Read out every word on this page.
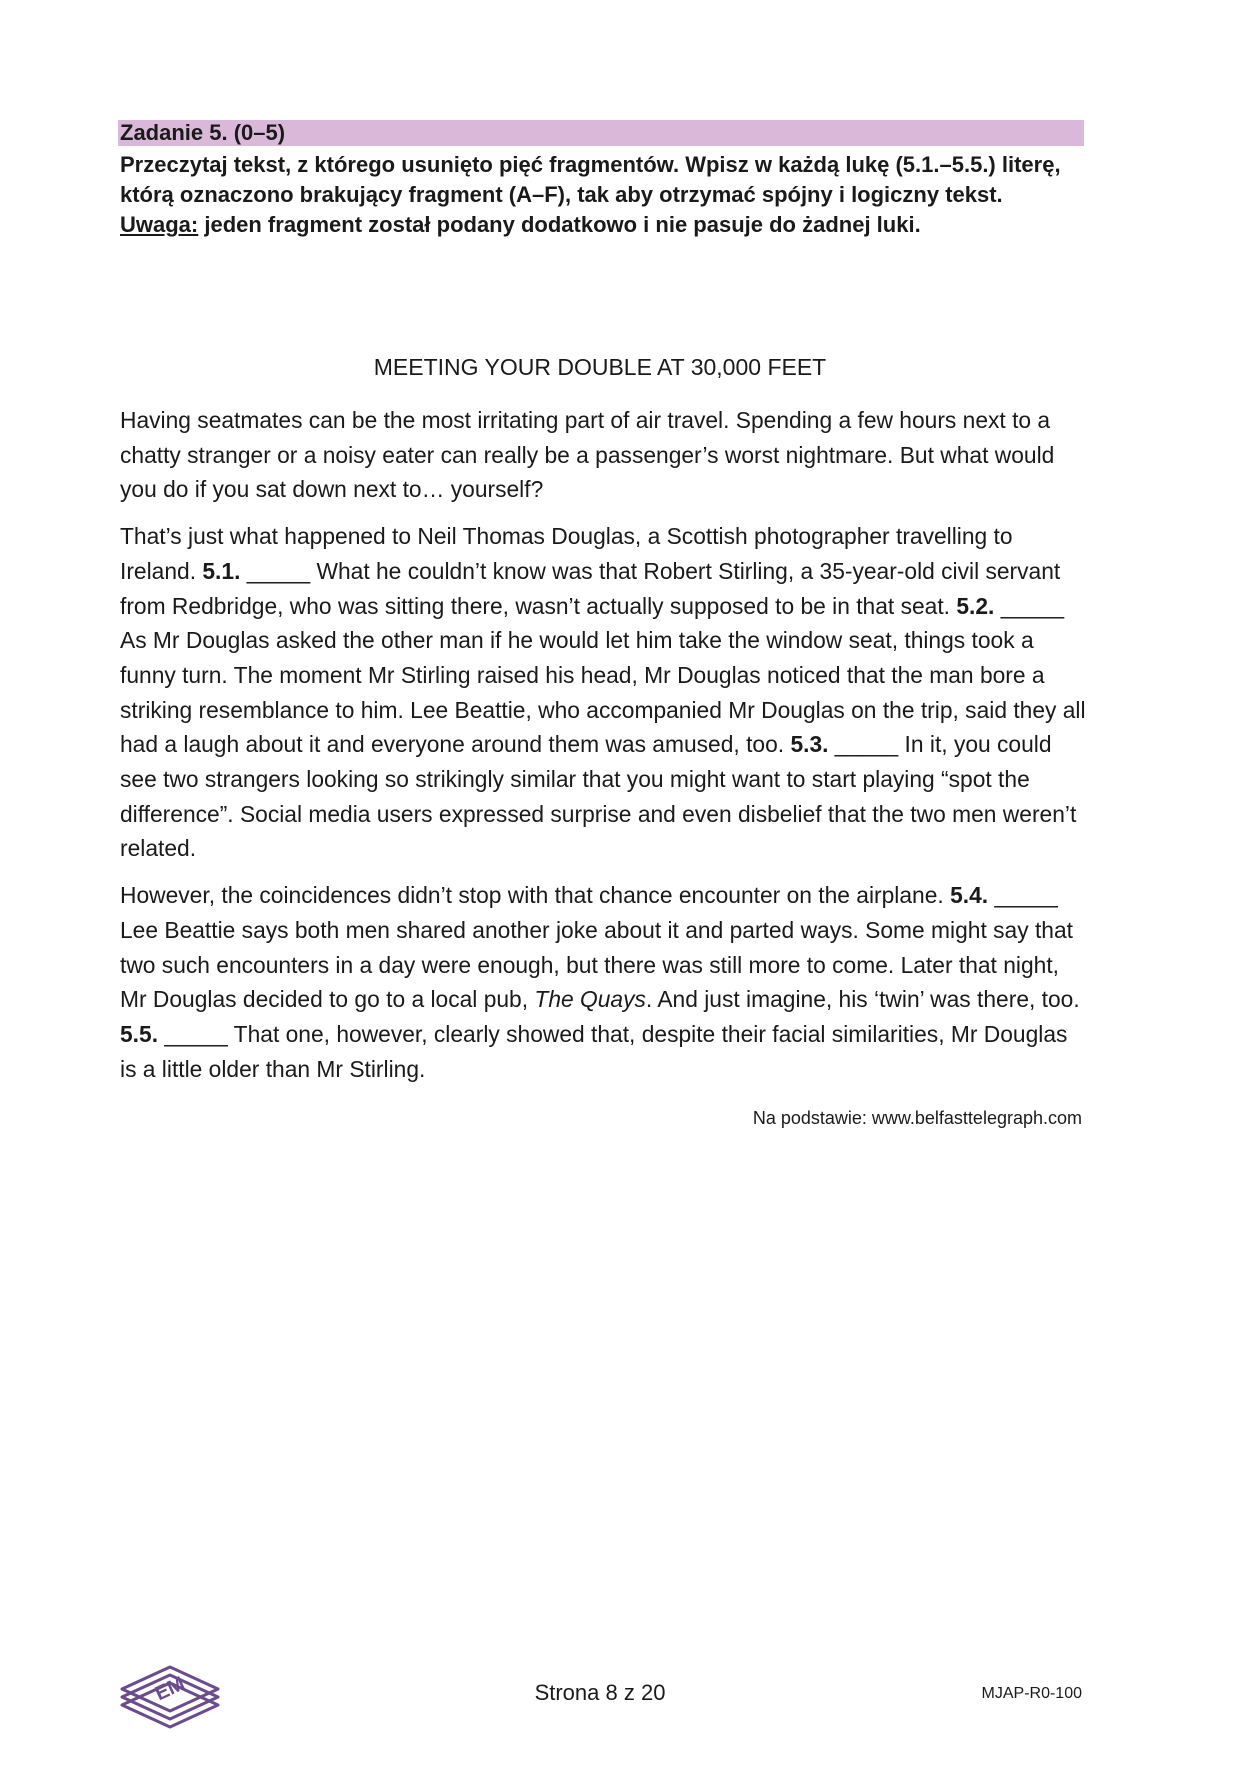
Zadanie 5. (0–5)
Przeczytaj tekst, z którego usunięto pięć fragmentów. Wpisz w każdą lukę (5.1.–5.5.) literę, którą oznaczono brakujący fragment (A–F), tak aby otrzymać spójny i logiczny tekst.
Uwaga: jeden fragment został podany dodatkowo i nie pasuje do żadnej luki.
MEETING YOUR DOUBLE AT 30,000 FEET

Having seatmates can be the most irritating part of air travel. Spending a few hours next to a chatty stranger or a noisy eater can really be a passenger’s worst nightmare. But what would you do if you sat down next to… yourself?

That’s just what happened to Neil Thomas Douglas, a Scottish photographer travelling to Ireland. 5.1. _____ What he couldn’t know was that Robert Stirling, a 35-year-old civil servant from Redbridge, who was sitting there, wasn’t actually supposed to be in that seat. 5.2. _____ As Mr Douglas asked the other man if he would let him take the window seat, things took a funny turn. The moment Mr Stirling raised his head, Mr Douglas noticed that the man bore a striking resemblance to him. Lee Beattie, who accompanied Mr Douglas on the trip, said they all had a laugh about it and everyone around them was amused, too. 5.3. _____ In it, you could see two strangers looking so strikingly similar that you might want to start playing “spot the difference”. Social media users expressed surprise and even disbelief that the two men weren’t related.

However, the coincidences didn’t stop with that chance encounter on the airplane. 5.4. _____ Lee Beattie says both men shared another joke about it and parted ways. Some might say that two such encounters in a day were enough, but there was still more to come. Later that night, Mr Douglas decided to go to a local pub, The Quays. And just imagine, his ‘twin’ was there, too. 5.5. _____ That one, however, clearly showed that, despite their facial similarities, Mr Douglas is a little older than Mr Stirling.

Na podstawie: www.belfasttelegraph.com
EM	Strona 8 z 20	MJAP-R0-100
